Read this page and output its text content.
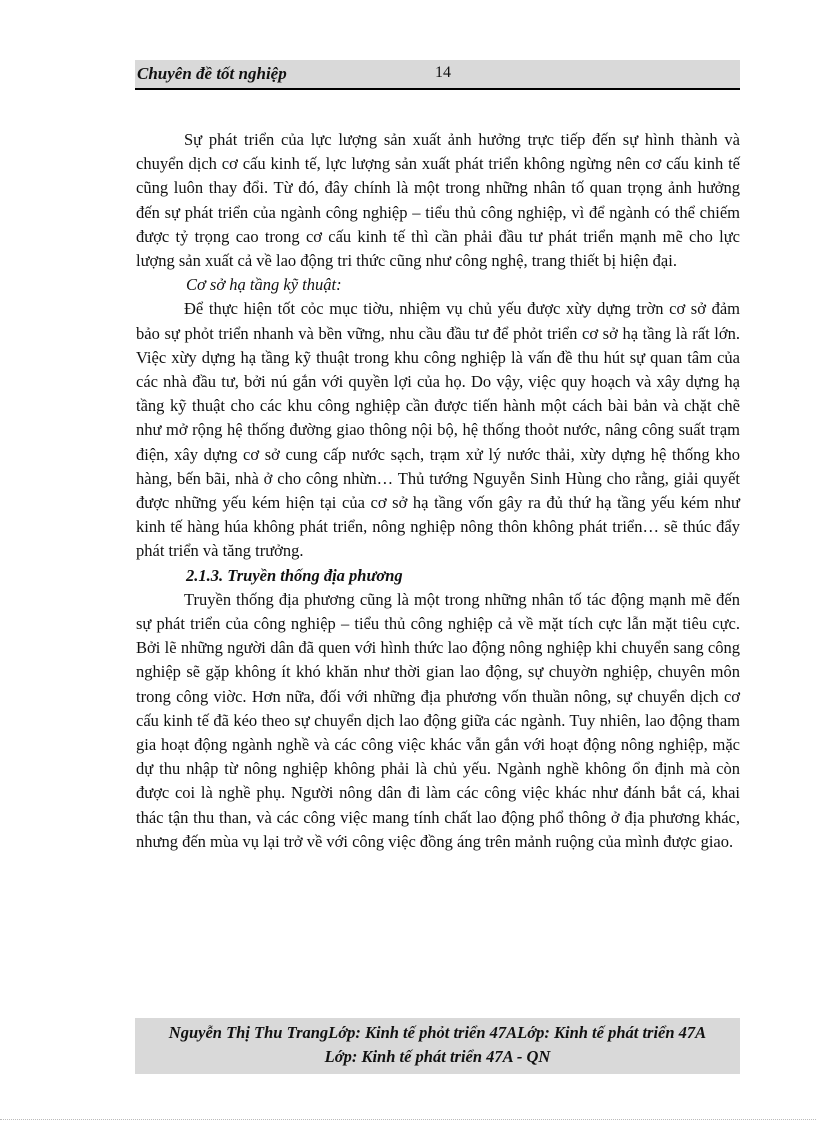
Chuyên đề tốt nghiệp	14

Sự phát triển của lực lượng sản xuất ảnh hưởng trực tiếp đến sự hình thành và chuyển dịch cơ cấu kinh tế, lực lượng sản xuất phát triển không ngừng nên cơ cấu kinh tế cũng luôn thay đổi. Từ đó, đây chính là một trong những nhân tố quan trọng ảnh hưởng đến sự phát triển của ngành công nghiệp – tiểu thủ công nghiệp, vì để ngành có thể chiếm được tỷ trọng cao trong cơ cấu kinh tế thì cần phải đầu tư phát triển mạnh mẽ cho lực lượng sản xuất cả về lao động tri thức cũng như công nghệ, trang thiết bị hiện đại.

Cơ sở hạ tầng kỹ thuật:

Để thực hiện tốt cỏc mục tiờu, nhiệm vụ chủ yếu được xừy dựng trờn cơ sở đảm bảo sự phỏt triển nhanh và bền vững, nhu cầu đầu tư để phỏt triển cơ sở hạ tầng là rất lớn. Việc xừy dựng hạ tầng kỹ thuật trong khu công nghiệp là vấn đề thu hút sự quan tâm của các nhà đầu tư, bởi nú gắn với quyền lợi của họ. Do vậy, việc quy hoạch và xây dựng hạ tầng kỹ thuật cho các khu công nghiệp cần được tiến hành một cách bài bản và chặt chẽ như mở rộng hệ thống đường giao thông nội bộ, hệ thống thoỏt nước, nâng công suất trạm điện, xây dựng cơ sở cung cấp nước sạch, trạm xử lý nước thải, xừy dựng hệ thống kho hàng, bến bãi, nhà ở cho công nhừn… Thủ tướng Nguyễn Sinh Hùng cho rằng, giải quyết được những yếu kém hiện tại của cơ sở hạ tầng vốn gây ra đủ thứ hạ tầng yếu kém như kinh tế hàng húa không phát triển, nông nghiệp nông thôn không phát triển… sẽ thúc đẩy phát triển và tăng trưởng.

2.1.3. Truyền thống địa phương

Truyền thống địa phương cũng là một trong những nhân tố tác động mạnh mẽ đến sự phát triển của công nghiệp – tiểu thủ công nghiệp cả về mặt tích cực lẫn mặt tiêu cực. Bởi lẽ những người dân đã quen với hình thức lao động nông nghiệp khi chuyển sang công nghiệp sẽ gặp không ít khó khăn như thời gian lao động, sự chuyờn nghiệp, chuyên môn trong công viờc. Hơn nữa, đối với những địa phương vốn thuần nông, sự chuyển dịch cơ cấu kinh tế đã kéo theo sự chuyển dịch lao động giữa các ngành. Tuy nhiên, lao động tham gia hoạt động ngành nghề và các công việc khác vẫn gắn với hoạt động nông nghiệp, mặc dự thu nhập từ nông nghiệp không phải là chủ yếu. Ngành nghề không ổn định mà còn được coi là nghề phụ. Người nông dân đi làm các công việc khác như đánh bắt cá, khai thác tận thu than, và các công việc mang tính chất lao động phổ thông ở địa phương khác, nhưng đến mùa vụ lại trở về với công việc đồng áng trên mảnh ruộng của mình được giao.

Nguyễn Thị Thu TrangLớp: Kinh tế phỏt triển 47ALớp: Kinh tế phát triển 47A
Lớp: Kinh tế phát triển 47A - QN
